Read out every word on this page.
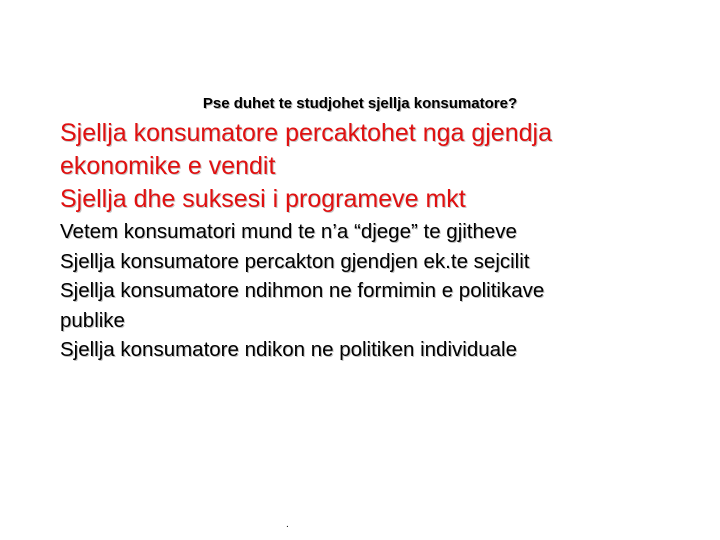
Pse duhet te studjohet sjellja konsumatore?
Sjellja konsumatore percaktohet nga gjendja
ekonomike e vendit
Sjellja dhe suksesi i programeve mkt
Vetem konsumatori mund te n’a “djege” te gjitheve
Sjellja konsumatore percakton gjendjen ek.te sejcilit
Sjellja konsumatore ndihmon ne formimin e politikave
publike
Sjellja konsumatore ndikon ne politiken individuale
.
